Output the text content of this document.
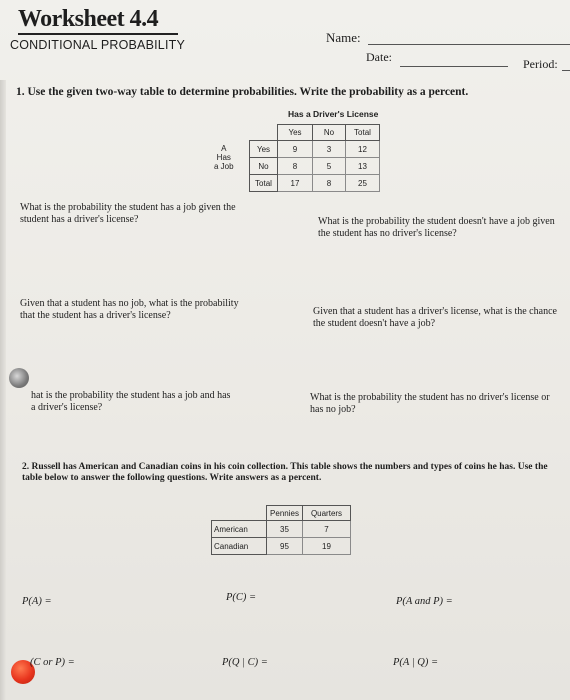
Worksheet 4.4
CONDITIONAL PROBABILITY	Name:
Date:	Period:
1. Use the given two-way table to determine probabilities. Write the probability as a percent.
Has a Driver's License
A
Has
a Job
	Yes	No	Total
Yes	9	3	12
No	8	5	13
Total	17	8	25
What is the probability the student has a job given the student has a driver's license?	What is the probability the student doesn't have a job given the student has no driver's license?
Given that a student has no job, what is the probability that the student has a driver's license?	Given that a student has a driver's license, what is the chance the student doesn't have a job?
hat is the probability the student has a job and has a driver's license?
What is the probability the student has no driver's license or has no job?
2. Russell has American and Canadian coins in his coin collection. This table shows the numbers and types of coins he has. Use the table below to answer the following questions. Write answers as a percent.
	Pennies	Quarters
American	35	7
Canadian	95	19
P(A) =	P(C) =	P(A and P) =
(C or P) =	P(Q | C) =	P(A | Q) =
